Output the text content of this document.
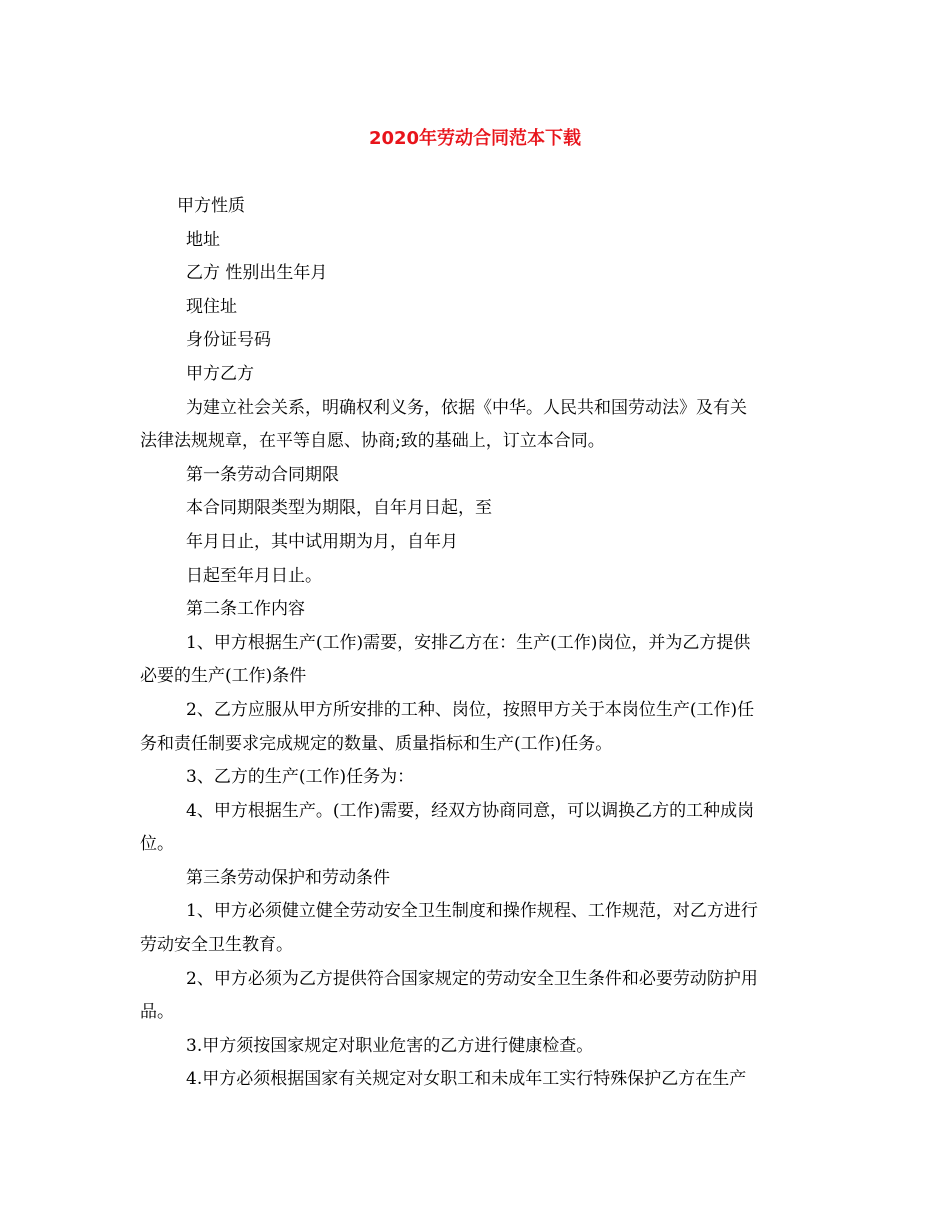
2020年劳动合同范本下载
甲方性质
地址
乙方 性别出生年月
现住址
身份证号码
甲方乙方
为建立社会关系，明确权利义务，依据《中华。人民共和国劳动法》及有关
法律法规规章，在平等自愿、协商;致的基础上，订立本合同。
第一条劳动合同期限
本合同期限类型为期限，自年月日起，至
年月日止，其中试用期为月，自年月
日起至年月日止。
第二条工作内容
1、甲方根据生产(工作)需要，安排乙方在：生产(工作)岗位，并为乙方提供
必要的生产(工作)条件
2、乙方应服从甲方所安排的工种、岗位，按照甲方关于本岗位生产(工作)任
务和责任制要求完成规定的数量、质量指标和生产(工作)任务。
3、乙方的生产(工作)任务为：
4、甲方根据生产。(工作)需要，经双方协商同意，可以调换乙方的工种成岗
位。
第三条劳动保护和劳动条件
1、甲方必须健立健全劳动安全卫生制度和操作规程、工作规范，对乙方进行
劳动安全卫生教育。
2、甲方必须为乙方提供符合国家规定的劳动安全卫生条件和必要劳动防护用
品。
3.甲方须按国家规定对职业危害的乙方进行健康检查。
4.甲方必须根据国家有关规定对女职工和未成年工实行特殊保护乙方在生产
